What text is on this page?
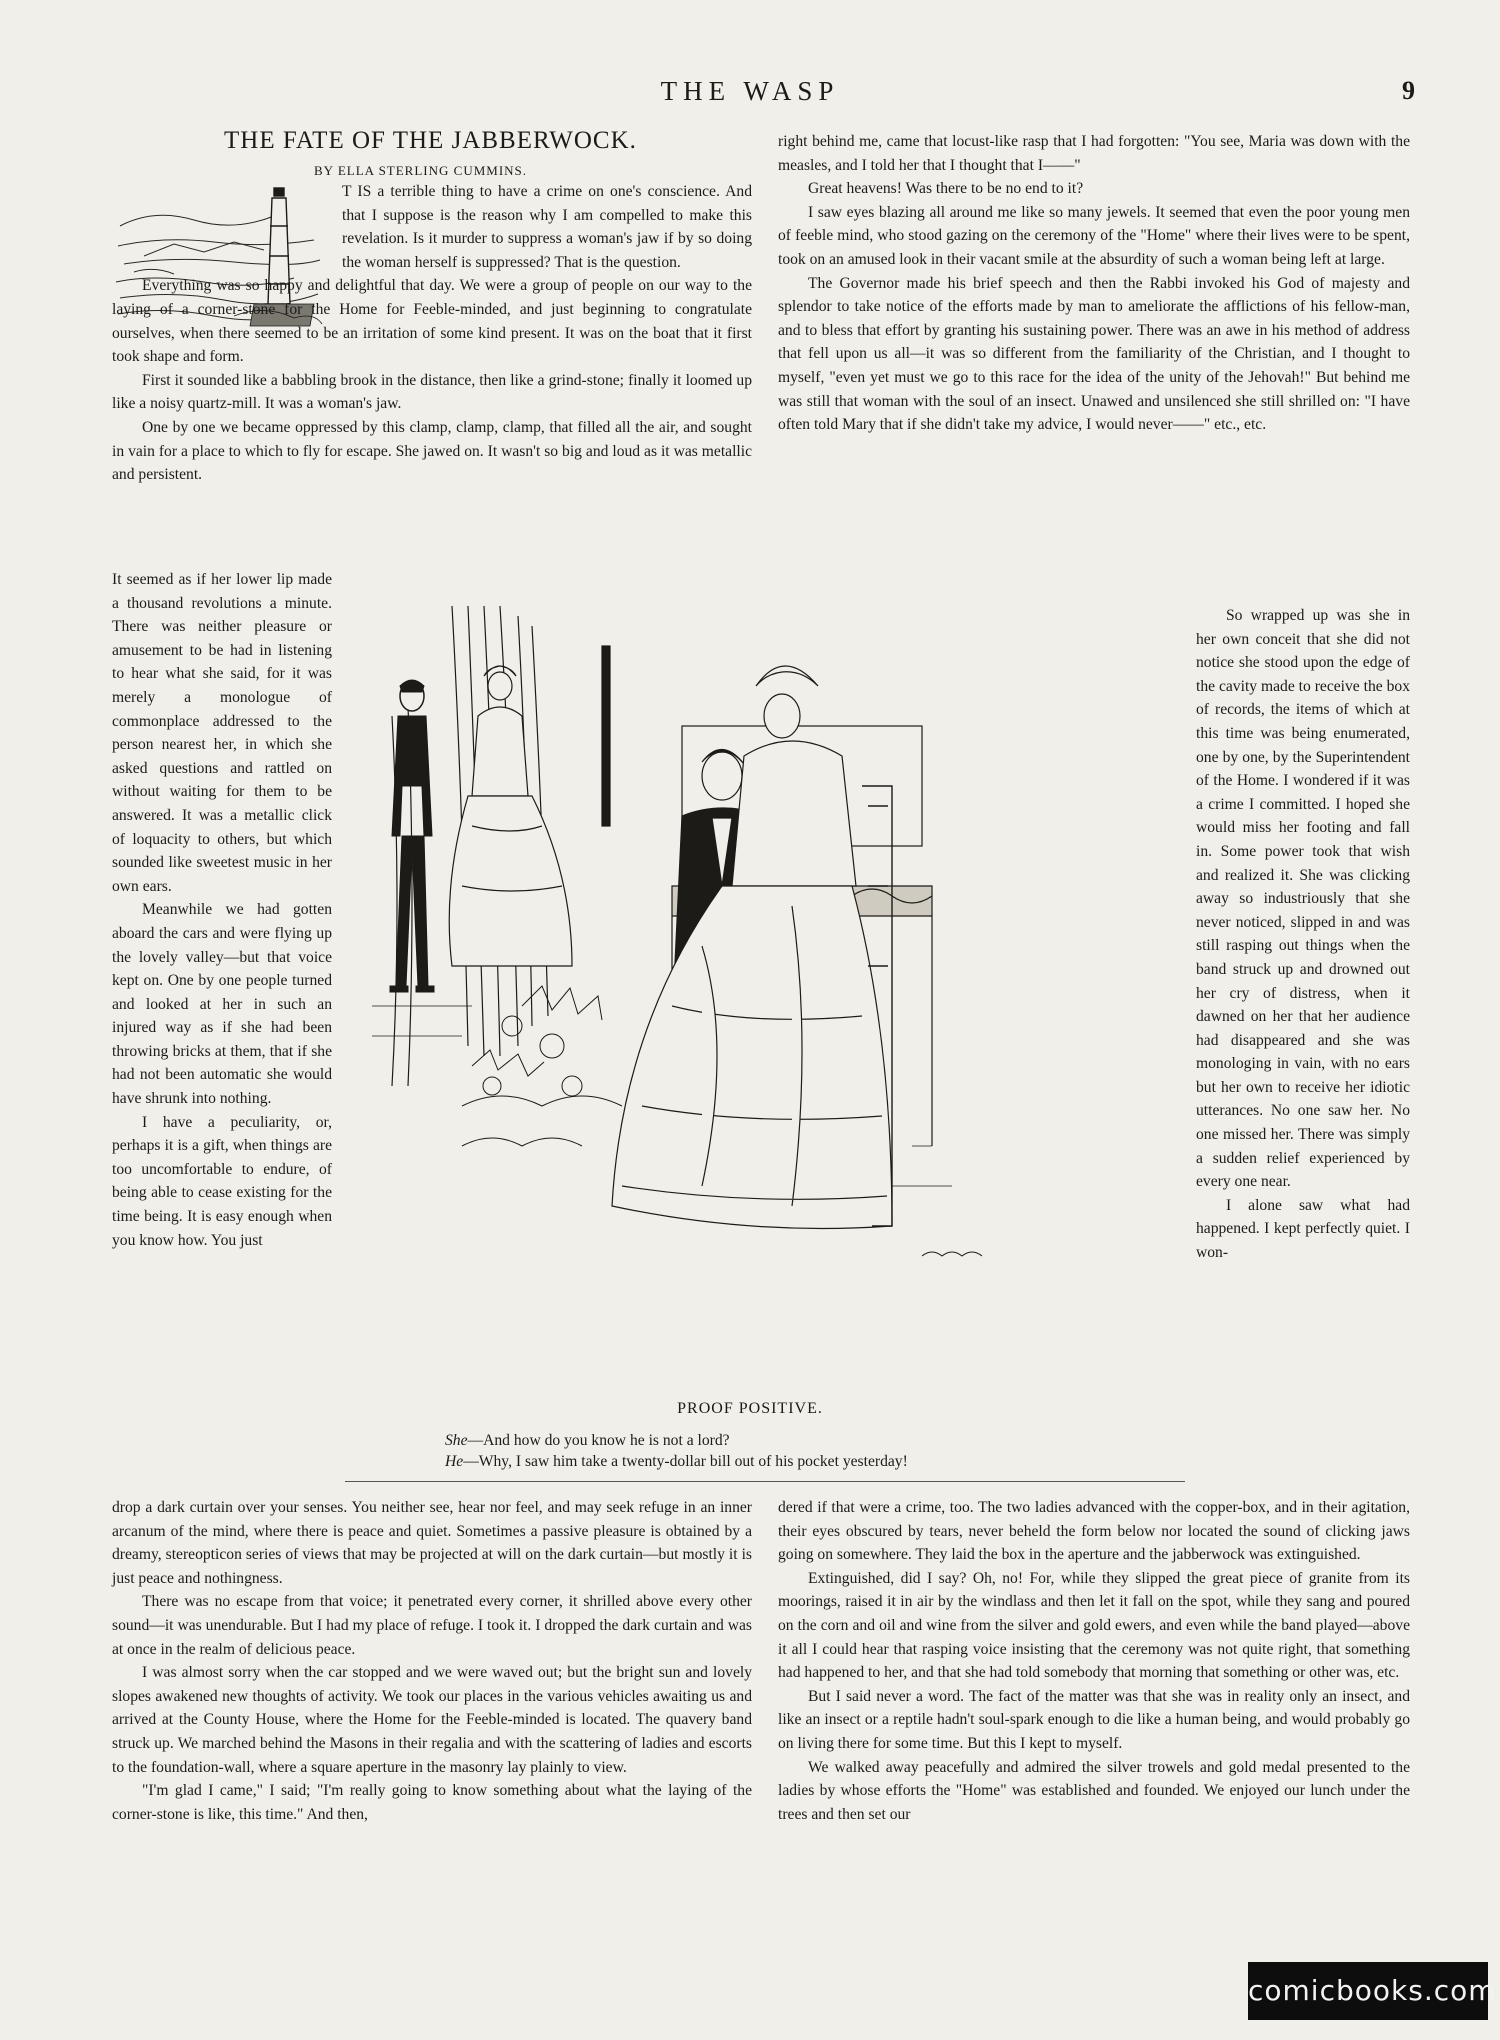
THE WASP	9
THE FATE OF THE JABBERWOCK.
BY ELLA STERLING CUMMINS.

T IS a terrible thing to have a crime on one's conscience. And that I suppose is the reason why I am compelled to make this revelation. Is it murder to suppress a woman's jaw if by so doing the woman herself is suppressed? That is the question.

Everything was so happy and delightful that day. We were a group of people on our way to the laying of a corner-stone for the Home for Feeble-minded, and just beginning to congratulate ourselves, when there seemed to be an irritation of some kind present. It was on the boat that it first took shape and form.

First it sounded like a babbling brook in the distance, then like a grind-stone; finally it loomed up like a noisy quartz-mill. It was a woman's jaw.

One by one we became oppressed by this clamp, clamp, clamp, that filled all the air, and sought in vain for a place to which to fly for escape. She jawed on. It wasn't so big and loud as it was metallic and persistent.

It seemed as if her lower lip made a thousand revolutions a minute. There was neither pleasure or amusement to be had in listening to hear what she said, for it was merely a monologue of commonplace addressed to the person nearest her, in which she asked questions and rattled on without waiting for them to be answered. It was a metallic click of loquacity to others, but which sounded like sweetest music in her own ears.

Meanwhile we had gotten aboard the cars and were flying up the lovely valley—but that voice kept on. One by one people turned and looked at her in such an injured way as if she had been throwing bricks at them, that if she had not been automatic she would have shrunk into nothing.

I have a peculiarity, or, perhaps it is a gift, when things are too uncomfortable to endure, of being able to cease existing for the time being. It is easy enough when you know how. You just

right behind me, came that locust-like rasp that I had forgotten: "You see, Maria was down with the measles, and I told her that I thought that I——"

Great heavens! Was there to be no end to it?

I saw eyes blazing all around me like so many jewels. It seemed that even the poor young men of feeble mind, who stood gazing on the ceremony of the "Home" where their lives were to be spent, took on an amused look in their vacant smile at the absurdity of such a woman being left at large.

The Governor made his brief speech and then the Rabbi invoked his God of majesty and splendor to take notice of the efforts made by man to ameliorate the afflictions of his fellow-man, and to bless that effort by granting his sustaining power. There was an awe in his method of address that fell upon us all—it was so different from the familiarity of the Christian, and I thought to myself, "even yet must we go to this race for the idea of the unity of the Jehovah!" But behind me was still that woman with the soul of an insect. Unawed and unsilenced she still shrilled on: "I have often told Mary that if she didn't take my advice, I would never——" etc., etc.

So wrapped up was she in her own conceit that she did not notice she stood upon the edge of the cavity made to receive the box of records, the items of which at this time was being enumerated, one by one, by the Superintendent of the Home. I wondered if it was a crime I committed. I hoped she would miss her footing and fall in. Some power took that wish and realized it. She was clicking away so industriously that she never noticed, slipped in and was still rasping out things when the band struck up and drowned out her cry of distress, when it dawned on her that her audience had disappeared and she was monologing in vain, with no ears but her own to receive her idiotic utterances. No one saw her. No one missed her. There was simply a sudden relief experienced by every one near.

I alone saw what had happened. I kept perfectly quiet. I won-

PROOF POSITIVE.
She—And how do you know he is not a lord?
He—Why, I saw him take a twenty-dollar bill out of his pocket yesterday!

drop a dark curtain over your senses. You neither see, hear nor feel, and may seek refuge in an inner arcanum of the mind, where there is peace and quiet. Sometimes a passive pleasure is obtained by a dreamy, stereopticon series of views that may be projected at will on the dark curtain—but mostly it is just peace and nothingness.

There was no escape from that voice; it penetrated every corner, it shrilled above every other sound—it was unendurable. But I had my place of refuge. I took it. I dropped the dark curtain and was at once in the realm of delicious peace.

I was almost sorry when the car stopped and we were waved out; but the bright sun and lovely slopes awakened new thoughts of activity. We took our places in the various vehicles awaiting us and arrived at the County House, where the Home for the Feeble-minded is located. The quavery band struck up. We marched behind the Masons in their regalia and with the scattering of ladies and escorts to the foundation-wall, where a square aperture in the masonry lay plainly to view.

"I'm glad I came," I said; "I'm really going to know something about what the laying of the corner-stone is like, this time." And then,

dered if that were a crime, too. The two ladies advanced with the copper-box, and in their agitation, their eyes obscured by tears, never beheld the form below nor located the sound of clicking jaws going on somewhere. They laid the box in the aperture and the jabberwock was extinguished.

Extinguished, did I say? Oh, no! For, while they slipped the great piece of granite from its moorings, raised it in air by the windlass and then let it fall on the spot, while they sang and poured on the corn and oil and wine from the silver and gold ewers, and even while the band played—above it all I could hear that rasping voice insisting that the ceremony was not quite right, that something had happened to her, and that she had told somebody that morning that something or other was, etc.

But I said never a word. The fact of the matter was that she was in reality only an insect, and like an insect or a reptile hadn't soul-spark enough to die like a human being, and would probably go on living there for some time. But this I kept to myself.

We walked away peacefully and admired the silver trowels and gold medal presented to the ladies by whose efforts the "Home" was established and founded. We enjoyed our lunch under the trees and then set our

comicbooks.com
